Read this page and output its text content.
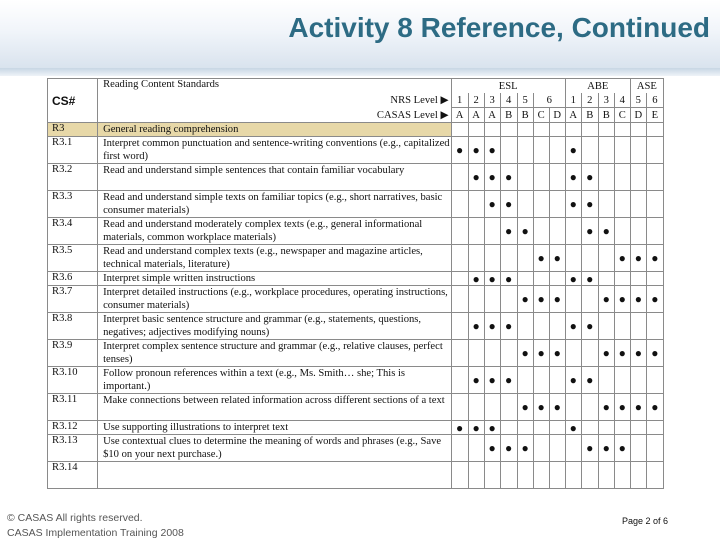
Activity 8 Reference, Continued
CS#	Reading Content Standards	ESL							ABE				ASE	
	NRS Level ▶	1	2	3	4	5	6		1	2	3	4	5	6
	CASAS Level ▶	A	A	A	B	B	C	D	A	B	B	C	D	E
R3	General reading comprehension													
R3.1	Interpret common punctuation and sentence-writing conventions (e.g., capitalized first word)	●	●	●					●					
R3.2	Read and understand simple sentences that contain familiar vocabulary		●	●	●				●	●				
R3.3	Read and understand simple texts on familiar topics (e.g., short narratives, basic consumer materials)			●	●				●	●				
R3.4	Read and understand moderately complex texts (e.g., general informational materials, common workplace materials)				●	●				●	●			
R3.5	Read and understand complex texts (e.g., newspaper and magazine articles, technical materials, literature)						●	●				●	●	●
R3.6	Interpret simple written instructions		●	●	●				●	●				
R3.7	Interpret detailed instructions (e.g., workplace procedures, operating instructions, consumer materials)					●	●	●			●	●	●	●
R3.8	Interpret basic sentence structure and grammar (e.g., statements, questions, negatives; adjectives modifying nouns)		●	●	●				●	●				
R3.9	Interpret complex sentence structure and grammar (e.g., relative clauses, perfect tenses)					●	●	●			●	●	●	●
R3.10	Follow pronoun references within a text (e.g., Ms. Smith… she; This is important.)		●	●	●				●	●				
R3.11	Make connections between related information across different sections of a text					●	●	●			●	●	●	●
R3.12	Use supporting illustrations to interpret text	●	●	●					●					
R3.13	Use contextual clues to determine the meaning of words and phrases (e.g., Save $10 on your next purchase.)			●	●	●				●	●	●		
R3.14														
© CASAS All rights reserved.
CASAS Implementation Training 2008
Page 2 of 6
